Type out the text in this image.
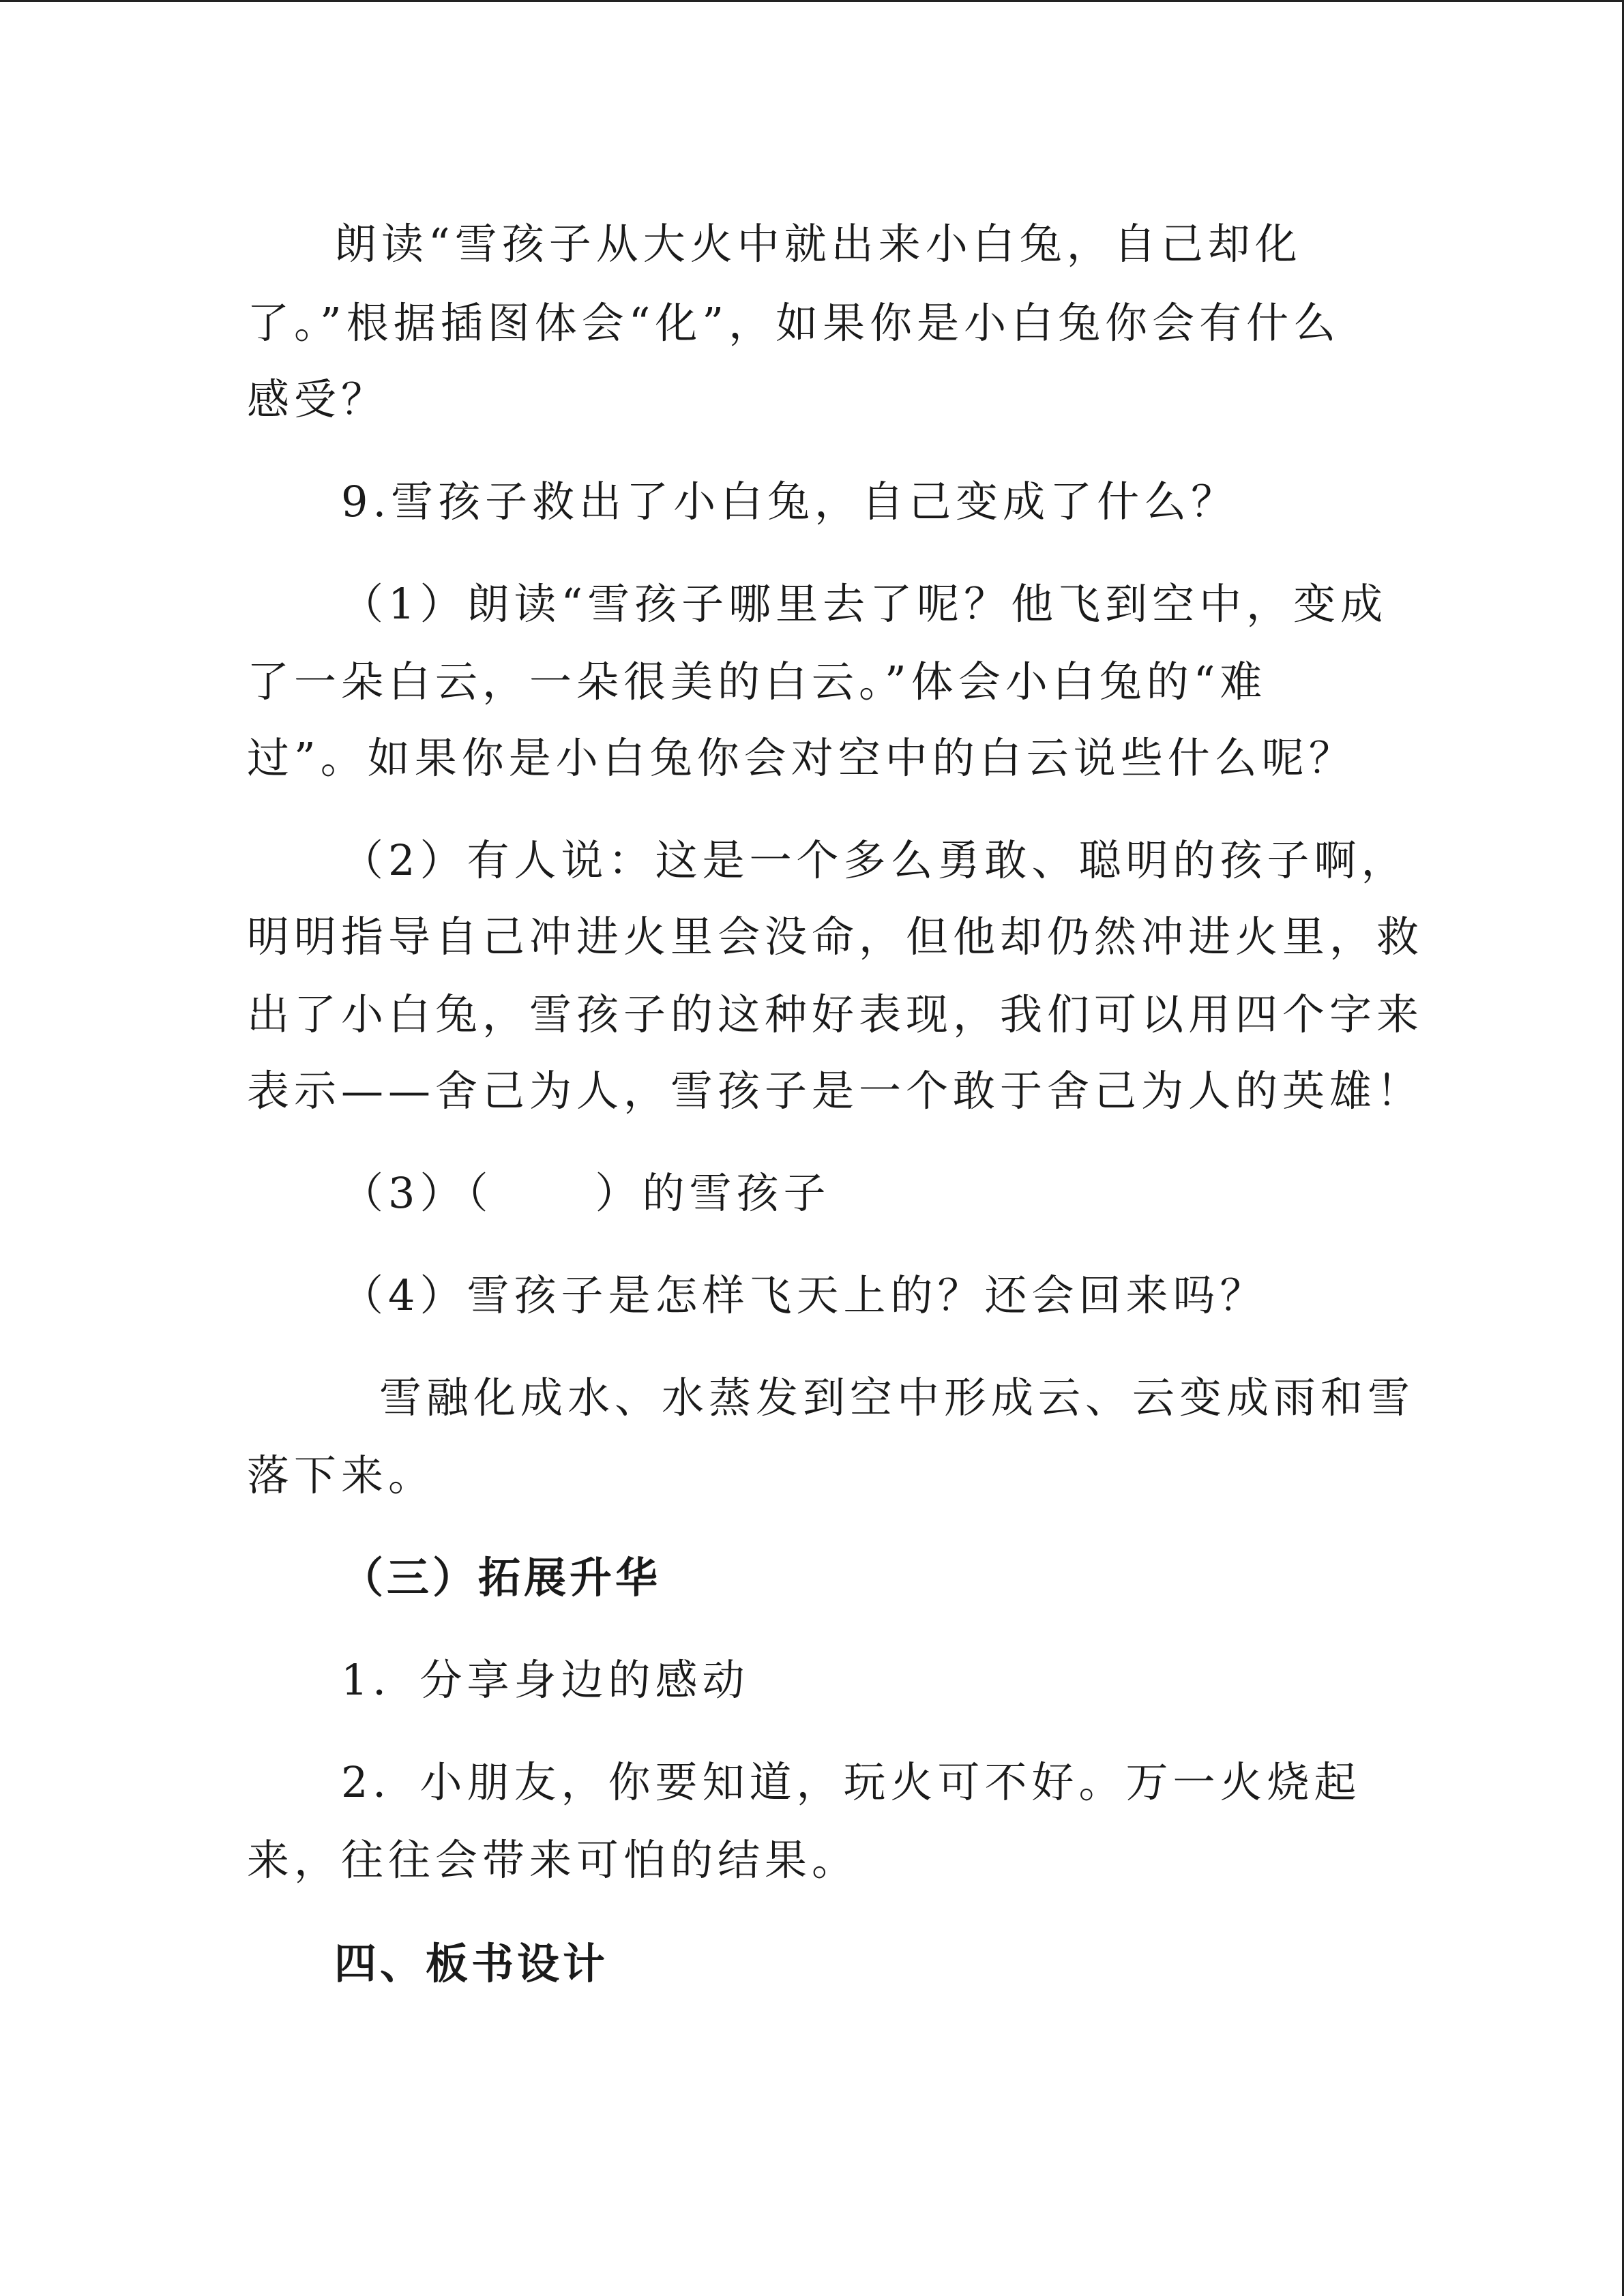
朗读“雪孩子从大火中就出来小白兔，自己却化

了。”根据插图体会“化”，如果你是小白兔你会有什么

感受？

9.雪孩子救出了小白兔，自己变成了什么？

（1）朗读“雪孩子哪里去了呢？他飞到空中，变成

了一朵白云，一朵很美的白云。”体会小白兔的“难

过”。如果你是小白兔你会对空中的白云说些什么呢？

（2）有人说：这是一个多么勇敢、聪明的孩子啊，

明明指导自己冲进火里会没命，但他却仍然冲进火里，救

出了小白兔，雪孩子的这种好表现，我们可以用四个字来

表示——舍己为人，雪孩子是一个敢于舍己为人的英雄！

（3）（ ）的雪孩子

（4）雪孩子是怎样飞天上的？还会回来吗？

雪融化成水、水蒸发到空中形成云、云变成雨和雪

落下来。

（三）拓展升华

1．分享身边的感动

2．小朋友，你要知道，玩火可不好。万一火烧起

来，往往会带来可怕的结果。

四、板书设计
